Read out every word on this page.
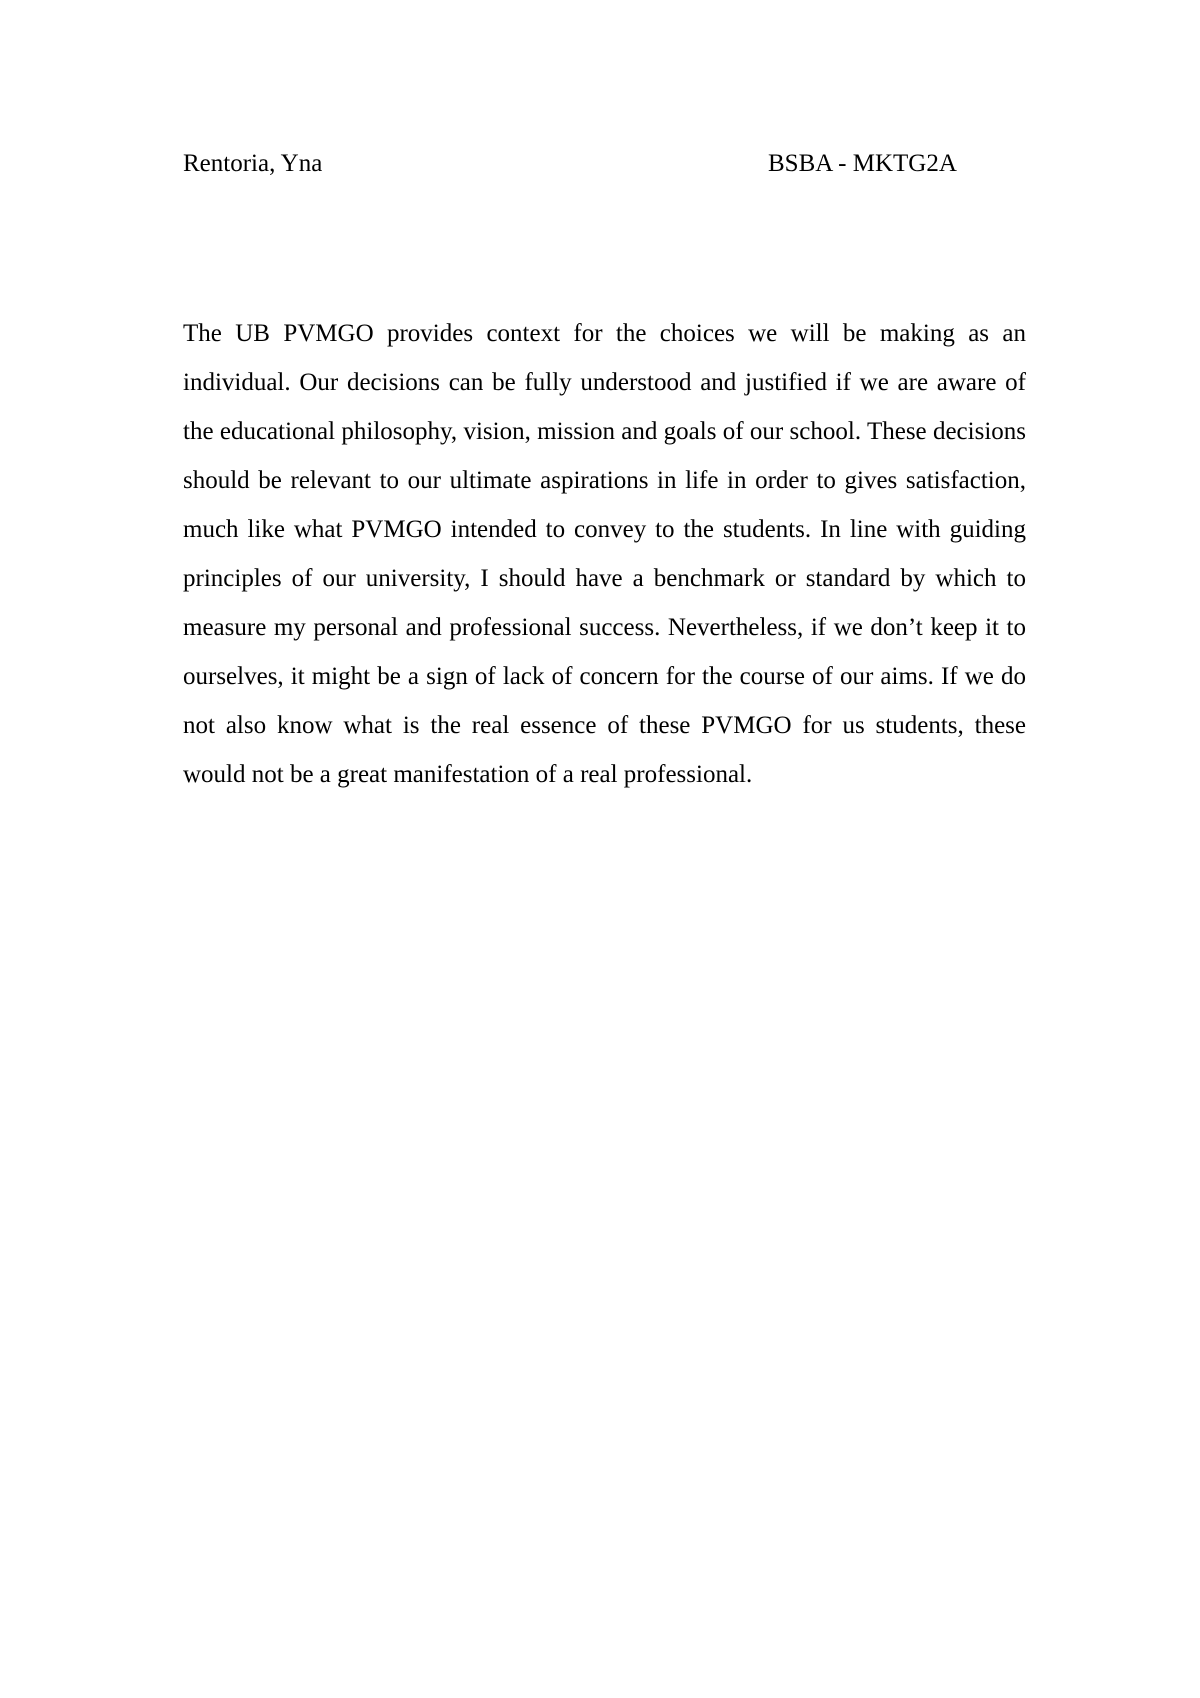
Rentoria, Yna	BSBA - MKTG2A

The UB PVMGO provides context for the choices we will be making as an individual. Our decisions can be fully understood and justified if we are aware of the educational philosophy, vision, mission and goals of our school. These decisions should be relevant to our ultimate aspirations in life in order to gives satisfaction, much like what PVMGO intended to convey to the students. In line with guiding principles of our university, I should have a benchmark or standard by which to measure my personal and professional success. Nevertheless, if we don’t keep it to ourselves, it might be a sign of lack of concern for the course of our aims. If we do not also know what is the real essence of these PVMGO for us students, these would not be a great manifestation of a real professional.
